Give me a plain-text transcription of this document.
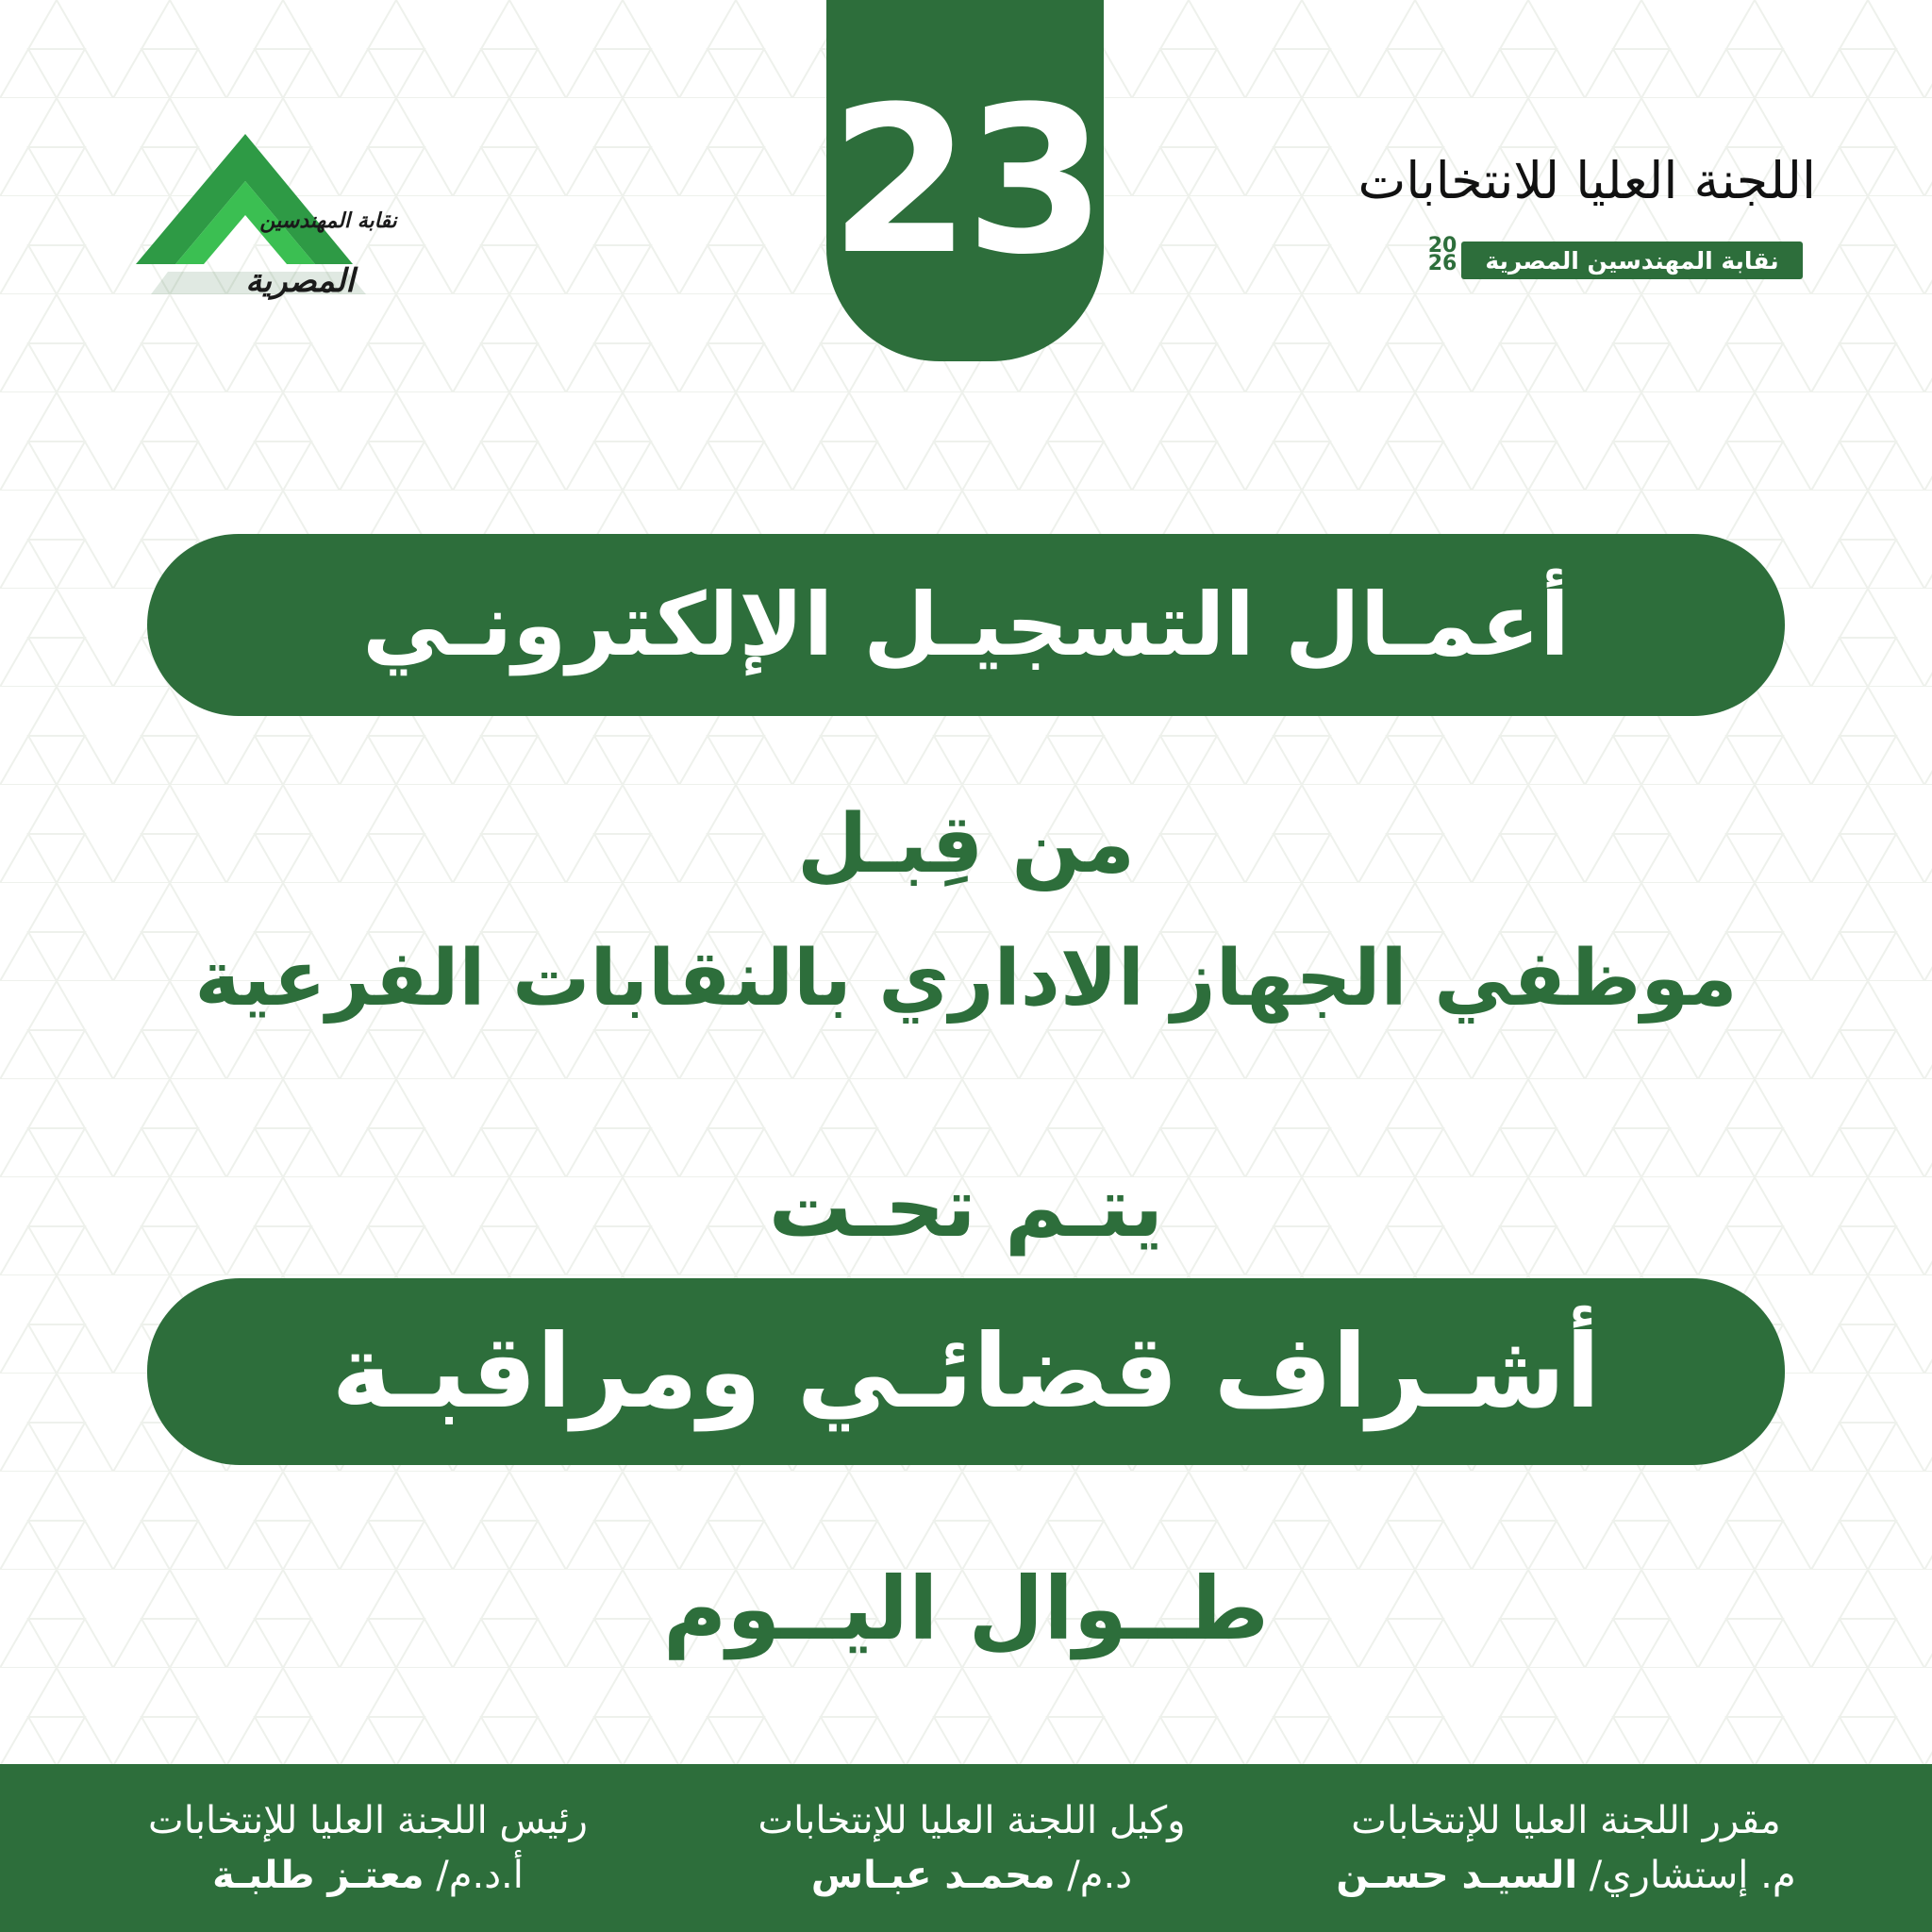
23
نقابة المهندسين
المصرية
اللجنة العليا للانتخابات
20
26	نقابة المهندسين المصرية
أعمـال التسجيـل الإلكترونـي
من قِبـل
موظفي الجهاز الاداري بالنقابات الفرعية
يتـم تحـت
أشـراف قضائـي ومراقبـة
طــوال اليــوم
مقرر اللجنة العليا للإنتخابات
م. إستشاري/ السيـد حسـن
وكيل اللجنة العليا للإنتخابات
د.م/ محمـد عبـاس
رئيس اللجنة العليا للإنتخابات
أ.د.م/ معتـز طلبـة
